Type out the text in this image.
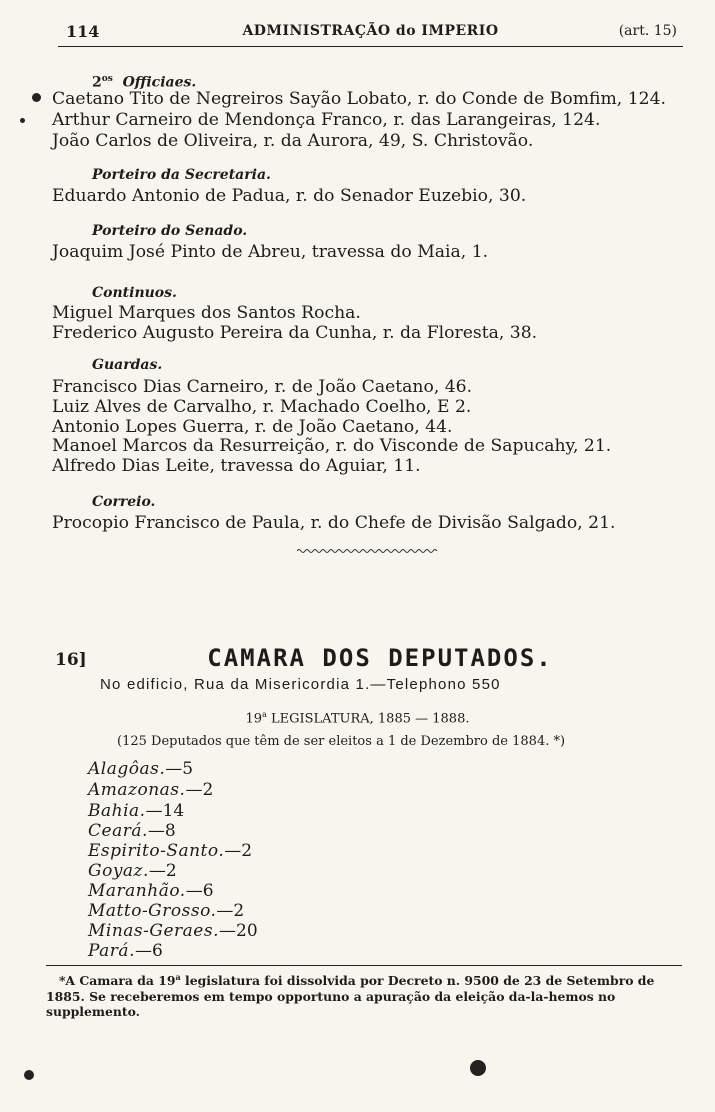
114	ADMINISTRAÇÃO do IMPERIO	(art. 15)
$2^{os}$ Officiaes.
Caetano Tito de Negreiros Sayão Lobato, r. do Conde de Bomfim, 124.
Arthur Carneiro de Mendonça Franco, r. das Larangeiras, 124.
João Carlos de Oliveira, r. da Aurora, 49, S. Christovão.
Porteiro da Secretaria.
Eduardo Antonio de Padua, r. do Senador Euzebio, 30.
Porteiro do Senado.
Joaquim José Pinto de Abreu, travessa do Maia, 1.
Continuos.
Miguel Marques dos Santos Rocha.
Frederico Augusto Pereira da Cunha, r. da Floresta, 38.
Guardas.
Francisco Dias Carneiro, r. de João Caetano, 46.
Luiz Alves de Carvalho, r. Machado Coelho, E 2.
Antonio Lopes Guerra, r. de João Caetano, 44.
Manoel Marcos da Resurreição, r. do Visconde de Sapucahy, 21.
Alfredo Dias Leite, travessa do Aguiar, 11.
Correio.
Procopio Francisco de Paula, r. do Chefe de Divisão Salgado, 21.
16]	CAMARA DOS DEPUTADOS.
No edificio, Rua da Misericordia 1.—Telephono 550
19$^a$ LEGISLATURA, 1885 — 1888.
(125 Deputados que têm de ser eleitos a 1 de Dezembro de 1884. *)
Alagôas.—5
Amazonas.—2
Bahia.—14
Ceará.—8
Espirito-Santo.—2
Goyaz.—2
Maranhão.—6
Matto-Grosso.—2
Minas-Geraes.—20
Pará.—6
*A Camara da 19$^a$ legislatura foi dissolvida por Decreto n. 9500 de 23 de Setembro de 1885. Se receberemos em tempo opportuno a apuração da eleição da-la-hemos no supplemento.
